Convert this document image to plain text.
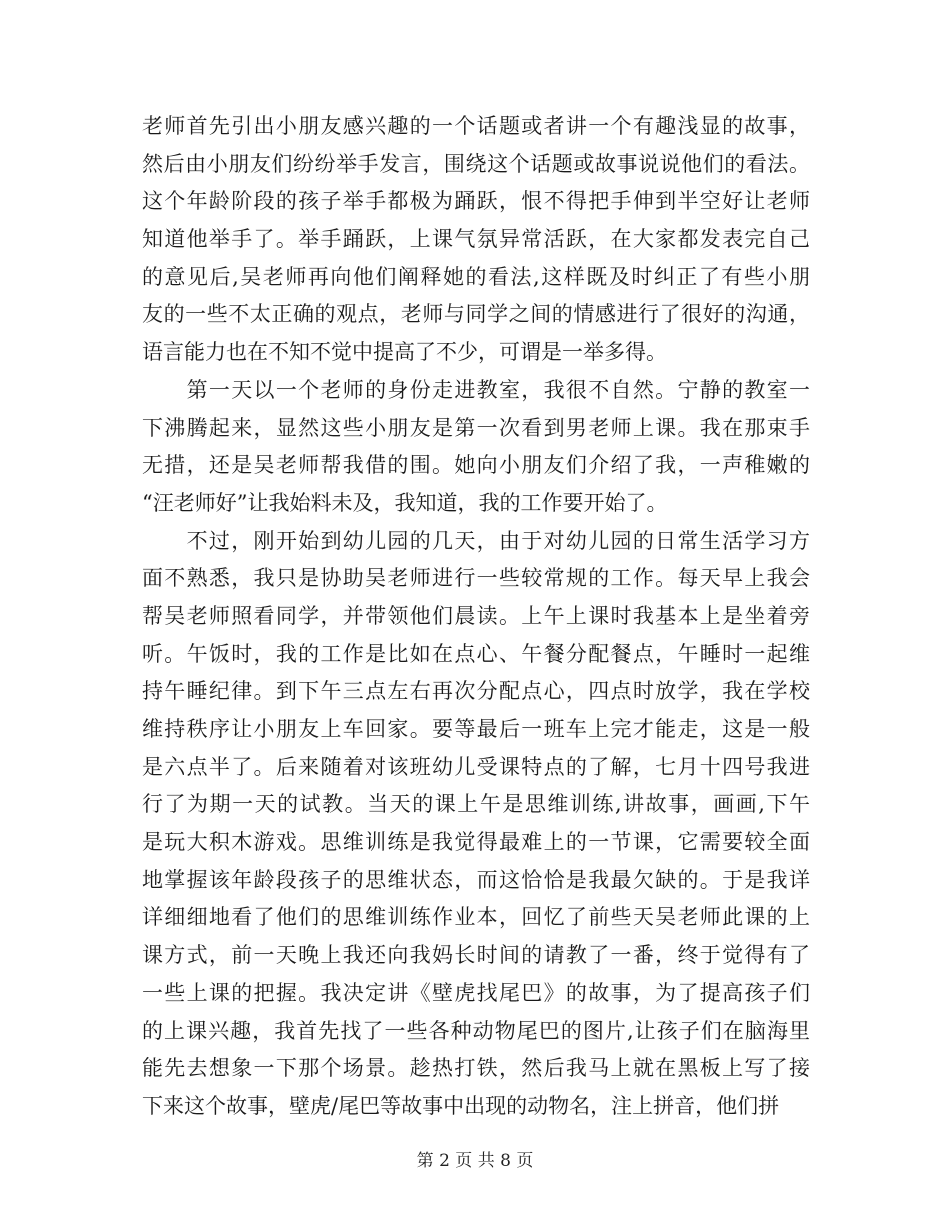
老师首先引出小朋友感兴趣的一个话题或者讲一个有趣浅显的故事，
然后由小朋友们纷纷举手发言，围绕这个话题或故事说说他们的看法。
这个年龄阶段的孩子举手都极为踊跃，恨不得把手伸到半空好让老师
知道他举手了。举手踊跃，上课气氛异常活跃，在大家都发表完自己
的意见后,吴老师再向他们阐释她的看法,这样既及时纠正了有些小朋
友的一些不太正确的观点，老师与同学之间的情感进行了很好的沟通，
语言能力也在不知不觉中提高了不少，可谓是一举多得。
　　第一天以一个老师的身份走进教室，我很不自然。宁静的教室一
下沸腾起来，显然这些小朋友是第一次看到男老师上课。我在那束手
无措，还是吴老师帮我借的围。她向小朋友们介绍了我，一声稚嫩的
“汪老师好”让我始料未及，我知道，我的工作要开始了。
　　不过，刚开始到幼儿园的几天，由于对幼儿园的日常生活学习方
面不熟悉，我只是协助吴老师进行一些较常规的工作。每天早上我会
帮吴老师照看同学，并带领他们晨读。上午上课时我基本上是坐着旁
听。午饭时，我的工作是比如在点心、午餐分配餐点，午睡时一起维
持午睡纪律。到下午三点左右再次分配点心，四点时放学，我在学校
维持秩序让小朋友上车回家。要等最后一班车上完才能走，这是一般
是六点半了。后来随着对该班幼儿受课特点的了解，七月十四号我进
行了为期一天的试教。当天的课上午是思维训练,讲故事，画画,下午
是玩大积木游戏。思维训练是我觉得最难上的一节课，它需要较全面
地掌握该年龄段孩子的思维状态，而这恰恰是我最欠缺的。于是我详
详细细地看了他们的思维训练作业本，回忆了前些天吴老师此课的上
课方式，前一天晚上我还向我妈长时间的请教了一番，终于觉得有了
一些上课的把握。我决定讲《壁虎找尾巴》的故事，为了提高孩子们
的上课兴趣，我首先找了一些各种动物尾巴的图片,让孩子们在脑海里
能先去想象一下那个场景。趁热打铁，然后我马上就在黑板上写了接
下来这个故事，壁虎/尾巴等故事中出现的动物名，注上拼音，他们拼
第 2 页 共 8 页
